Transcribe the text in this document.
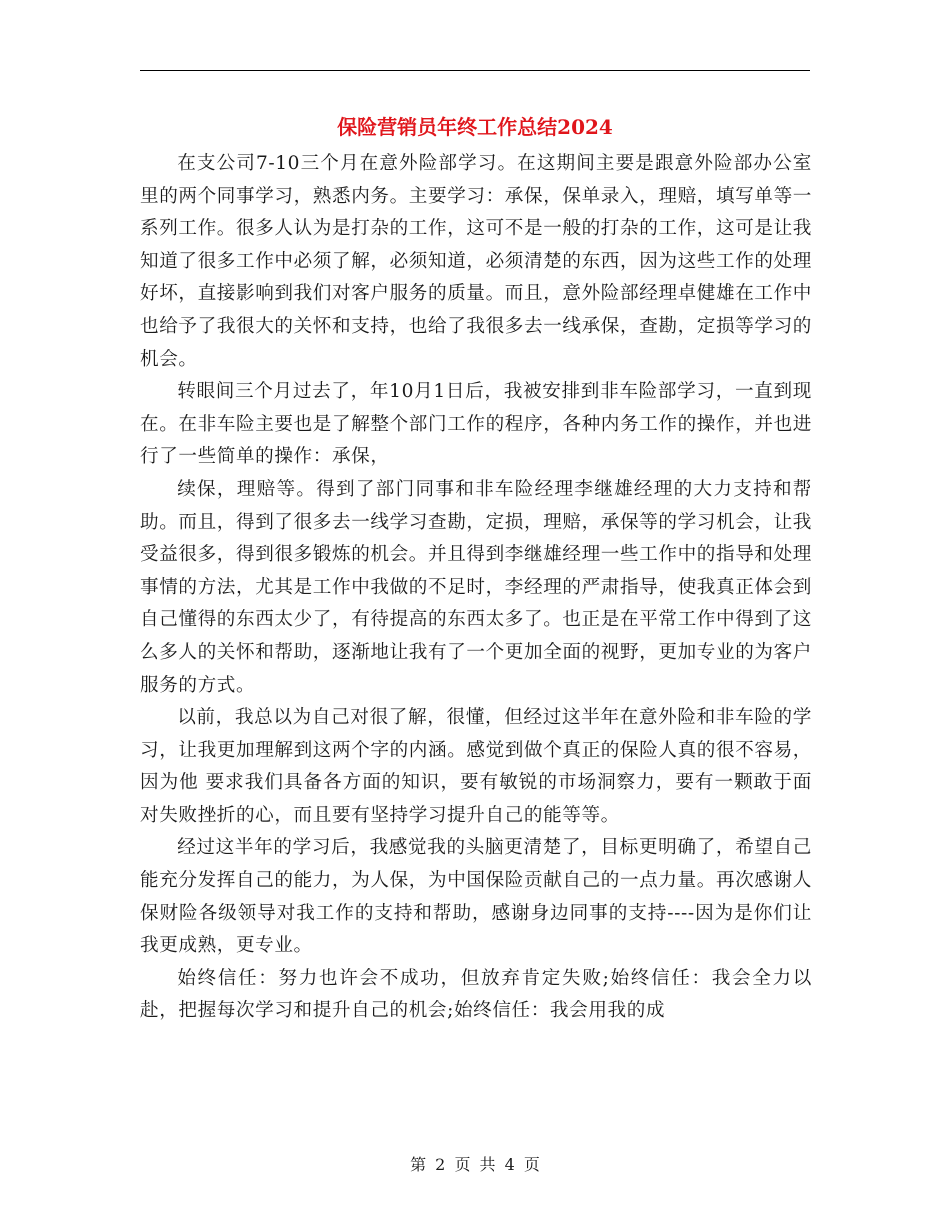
保险营销员年终工作总结2024

在支公司7-10三个月在意外险部学习。在这期间主要是跟意外险部办公室里的两个同事学习，熟悉内务。主要学习：承保，保单录入，理赔，填写单等一系列工作。很多人认为是打杂的工作，这可不是一般的打杂的工作，这可是让我知道了很多工作中必须了解，必须知道，必须清楚的东西，因为这些工作的处理好坏，直接影响到我们对客户服务的质量。而且，意外险部经理卓健雄在工作中也给予了我很大的关怀和支持，也给了我很多去一线承保，查勘，定损等学习的机会。

转眼间三个月过去了，年10月1日后，我被安排到非车险部学习，一直到现在。在非车险主要也是了解整个部门工作的程序，各种内务工作的操作，并也进行了一些简单的操作：承保，

续保，理赔等。得到了部门同事和非车险经理李继雄经理的大力支持和帮助。而且，得到了很多去一线学习查勘，定损，理赔，承保等的学习机会，让我受益很多，得到很多锻炼的机会。并且得到李继雄经理一些工作中的指导和处理事情的方法，尤其是工作中我做的不足时，李经理的严肃指导，使我真正体会到自己懂得的东西太少了，有待提高的东西太多了。也正是在平常工作中得到了这么多人的关怀和帮助，逐渐地让我有了一个更加全面的视野，更加专业的为客户服务的方式。

以前，我总以为自己对很了解，很懂，但经过这半年在意外险和非车险的学习，让我更加理解到这两个字的内涵。感觉到做个真正的保险人真的很不容易，因为他 要求我们具备各方面的知识，要有敏锐的市场洞察力，要有一颗敢于面对失败挫折的心，而且要有坚持学习提升自己的能等等。

经过这半年的学习后，我感觉我的头脑更清楚了，目标更明确了，希望自己能充分发挥自己的能力，为人保，为中国保险贡献自己的一点力量。再次感谢人保财险各级领导对我工作的支持和帮助，感谢身边同事的支持----因为是你们让我更成熟，更专业。

始终信任：努力也许会不成功，但放弃肯定失败;始终信任：我会全力以赴，把握每次学习和提升自己的机会;始终信任：我会用我的成

第 2 页 共 4 页
